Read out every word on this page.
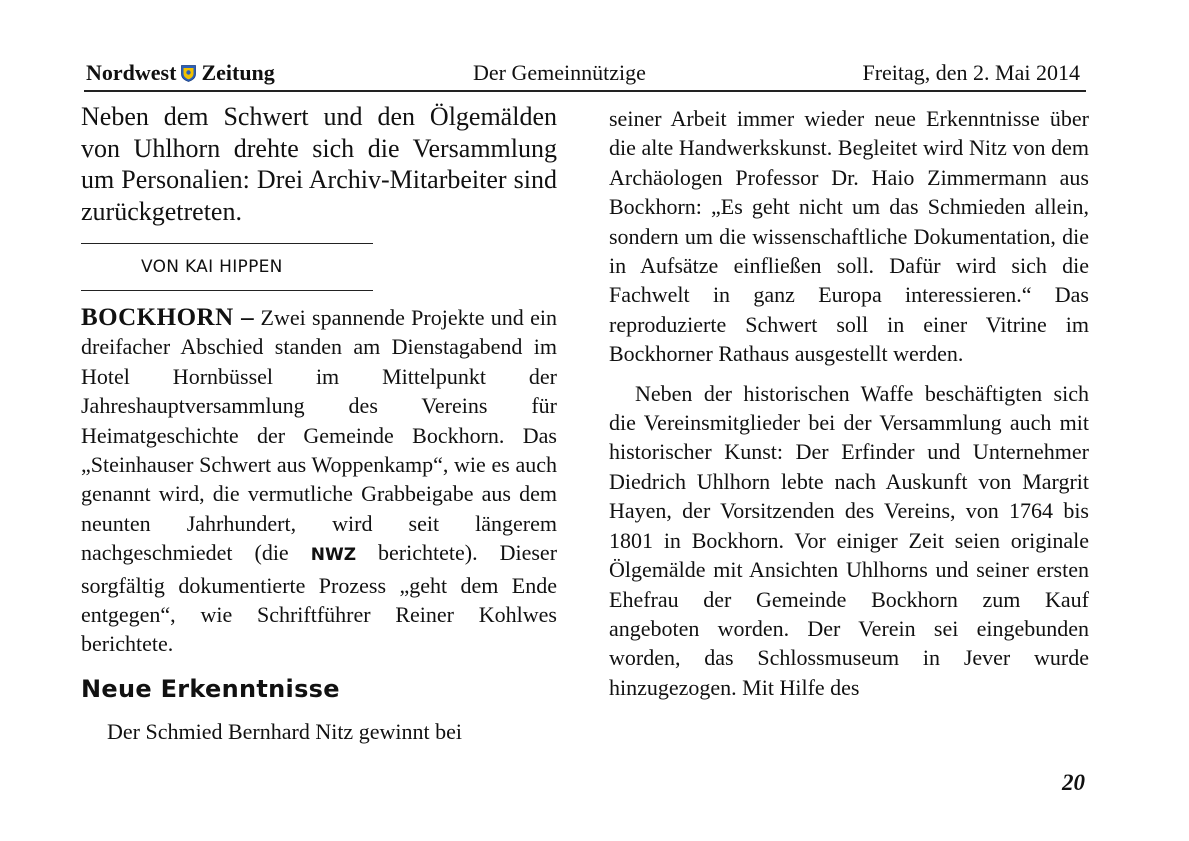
Nordwest Zeitung	Der Gemeinnützige	Freitag, den 2. Mai 2014

Neben dem Schwert und den Ölgemälden von Uhlhorn drehte sich die Versammlung um Personalien: Drei Archiv-Mitarbeiter sind zurückgetreten.

VON KAI HIPPEN

BOCKHORN – Zwei spannende Projekte und ein dreifacher Abschied standen am Dienstagabend im Hotel Hornbüssel im Mittelpunkt der Jahreshauptversammlung des Vereins für Heimatgeschichte der Gemeinde Bockhorn. Das „Steinhauser Schwert aus Woppenkamp“, wie es auch genannt wird, die vermutliche Grabbeigabe aus dem neunten Jahrhundert, wird seit längerem nachgeschmiedet (die NWZ berichtete). Dieser sorgfältig dokumentierte Prozess „geht dem Ende entgegen“, wie Schriftführer Reiner Kohlwes berichtete.

Neue Erkenntnisse

Der Schmied Bernhard Nitz gewinnt bei

seiner Arbeit immer wieder neue Erkenntnisse über die alte Handwerkskunst. Begleitet wird Nitz von dem Archäologen Professor Dr. Haio Zimmermann aus Bockhorn: „Es geht nicht um das Schmieden allein, sondern um die wissenschaftliche Dokumentation, die in Aufsätze einfließen soll. Dafür wird sich die Fachwelt in ganz Europa interessieren.“ Das reproduzierte Schwert soll in einer Vitrine im Bockhorner Rathaus ausgestellt werden.

Neben der historischen Waffe beschäftigten sich die Vereinsmitglieder bei der Versammlung auch mit historischer Kunst: Der Erfinder und Unternehmer Diedrich Uhlhorn lebte nach Auskunft von Margrit Hayen, der Vorsitzenden des Vereins, von 1764 bis 1801 in Bockhorn. Vor einiger Zeit seien originale Ölgemälde mit Ansichten Uhlhorns und seiner ersten Ehefrau der Gemeinde Bockhorn zum Kauf angeboten worden. Der Verein sei eingebunden worden, das Schlossmuseum in Jever wurde hinzugezogen. Mit Hilfe des

20
